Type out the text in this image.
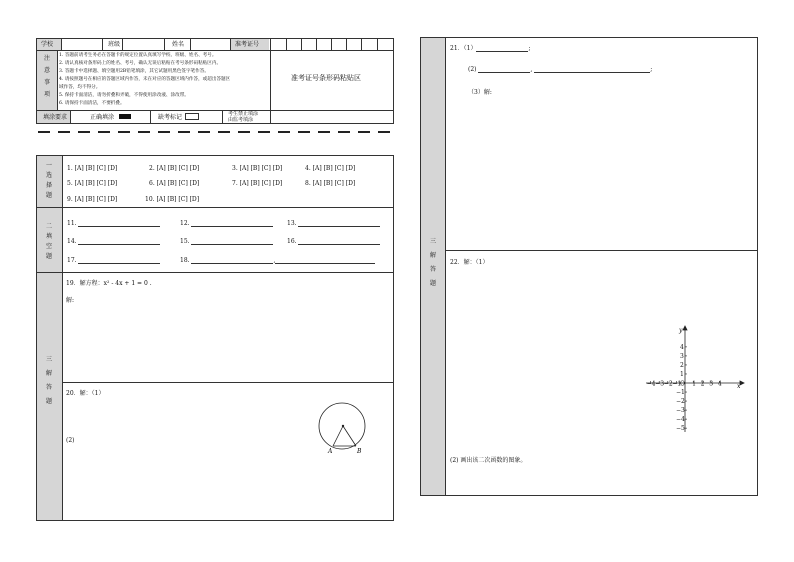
学校	班级	姓名	准考证号
注
意
事
项
1. 答题前请考生务必在答题卡的规定位置认真填写学校、班级、姓名、考号。
2. 请认真核对条形码上的姓名、考号，确认无误后粘贴在考号条形码粘贴区内。
3. 答题卡中选择题、填空题用2B铅笔填涂，其它试题用黑色签字笔作答。
4. 请按照题号在相应的答题区域内作答，未在对应的答题区域内作答，或超出答题区
域作答，均不得分。
5. 保持卡面清洁，请勿折叠和弄破，不得使用涂改液、涂改带。
6. 请保持卡面清洁，不要折叠。
准考证号条形码粘贴区
填涂要求	正确填涂	缺考标记	考生禁止填涂
由监考填涂
一
选
择
题
1. [A] [B] [C] [D]	2. [A] [B] [C] [D]	3. [A] [B] [C] [D]	4. [A] [B] [C] [D]
5. [A] [B] [C] [D]	6. [A] [B] [C] [D]	7. [A] [B] [C] [D]	8. [A] [B] [C] [D]
9. [A] [B] [C] [D]	10. [A] [B] [C] [D]
二
填
空
题
11.	12.	13.
14.	15.	16.
17.	18.	,
三
解
答
题
19．解方程：x² - 4x + 1 = 0 .
解:
20．解：（1）
(2)
A	B
三
解
答
题
21．（1）	;
(2)	,	;
（3）解:
22．解：（1）
(2) 画出该二次函数的图象。
−4 −3 −2 −1
O 1 2 3 4
4
3
2
1
−1
−2
−3
−4
−5
x
y
